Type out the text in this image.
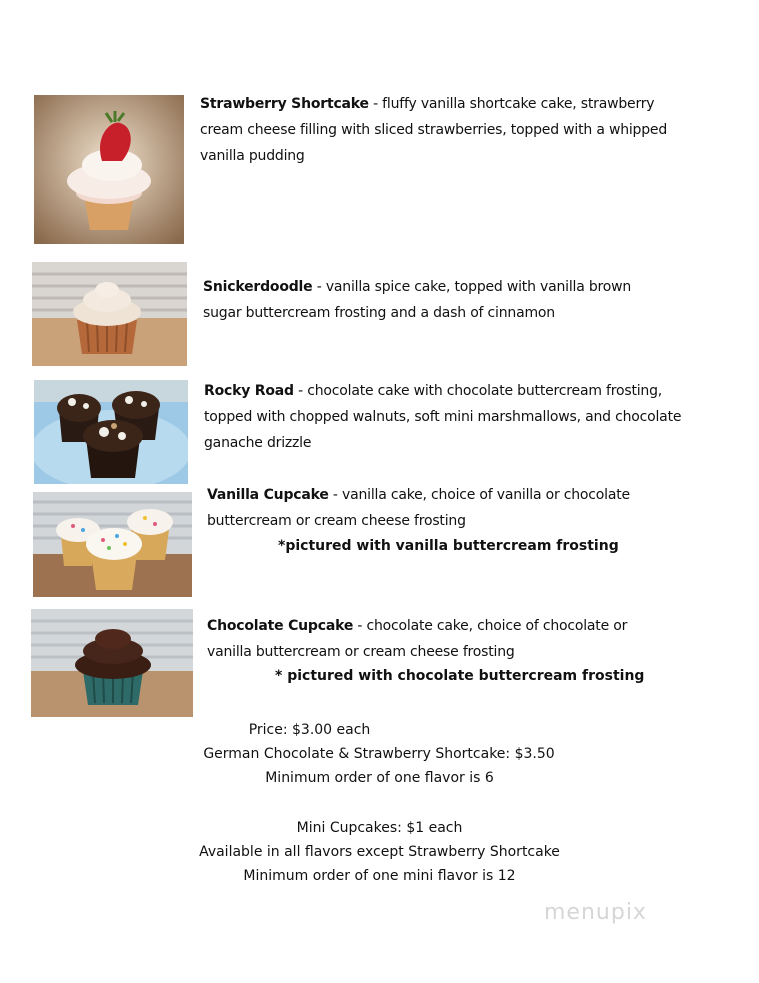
Strawberry Shortcake - fluffy vanilla shortcake cake, strawberry cream cheese filling with sliced strawberries, topped with a whipped vanilla pudding
Snickerdoodle - vanilla spice cake, topped with vanilla brown sugar buttercream frosting and a dash of cinnamon
Rocky Road - chocolate cake with chocolate buttercream frosting, topped with chopped walnuts, soft mini marshmallows, and chocolate ganache drizzle
Vanilla Cupcake - vanilla cake, choice of vanilla or chocolate buttercream or cream cheese frosting
*pictured with vanilla buttercream frosting
Chocolate Cupcake - chocolate cake, choice of chocolate or vanilla buttercream or cream cheese frosting
* pictured with chocolate buttercream frosting
Price: $3.00 each
German Chocolate & Strawberry Shortcake: $3.50
Minimum order of one flavor is 6
Mini Cupcakes: $1 each
Available in all flavors except Strawberry Shortcake
Minimum order of one mini flavor is 12
menupix
